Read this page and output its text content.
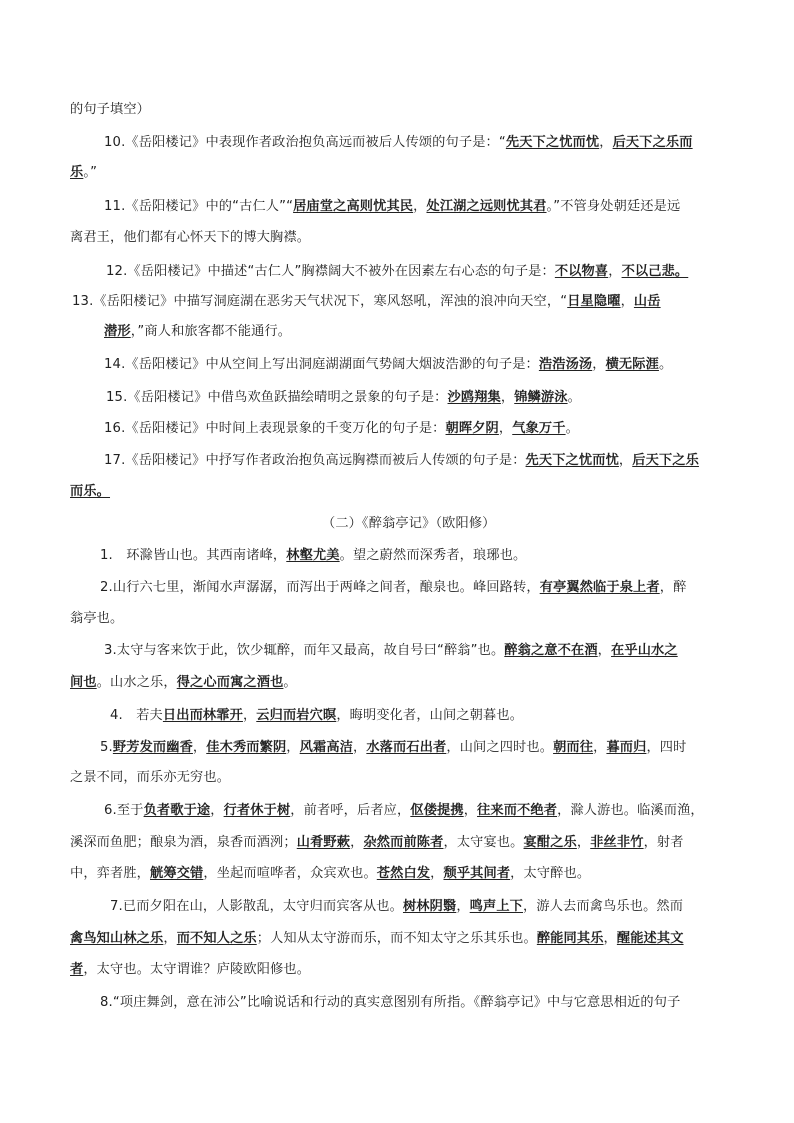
的句子填空）
10.《岳阳楼记》中表现作者政治抱负高远而被后人传颂的句子是：“先天下之忧而忧，后天下之乐而
乐。”
11.《岳阳楼记》中的“古仁人”“居庙堂之高则忧其民，处江湖之远则忧其君。”不管身处朝廷还是远
离君王，他们都有心怀天下的博大胸襟。
12.《岳阳楼记》中描述“古仁人”胸襟阔大不被外在因素左右心态的句子是：不以物喜，不以己悲。
13.《岳阳楼记》中描写洞庭湖在恶劣天气状况下，寒风怒吼，浑浊的浪冲向天空，“日星隐曜，山岳
潜形，”商人和旅客都不能通行。
14.《岳阳楼记》中从空间上写出洞庭湖湖面气势阔大烟波浩渺的句子是：浩浩汤汤，横无际涯。
15.《岳阳楼记》中借鸟欢鱼跃描绘晴明之景象的句子是：沙鸥翔集，锦鳞游泳。
16.《岳阳楼记》中时间上表现景象的千变万化的句子是：朝晖夕阴，气象万千。
17.《岳阳楼记》中抒写作者政治抱负高远胸襟而被后人传颂的句子是：先天下之忧而忧，后天下之乐
而乐。
（二）《醉翁亭记》（欧阳修）
1.　环滁皆山也。其西南诸峰，林壑尤美。望之蔚然而深秀者，琅琊也。
2.山行六七里，渐闻水声潺潺，而泻出于两峰之间者，酿泉也。峰回路转，有亭翼然临于泉上者，醉
翁亭也。
3.太守与客来饮于此，饮少辄醉，而年又最高，故自号曰“醉翁”也。醉翁之意不在酒，在乎山水之
间也。山水之乐，得之心而寓之酒也。
4.　若夫日出而林霏开，云归而岩穴暝，晦明变化者，山间之朝暮也。
5.野芳发而幽香，佳木秀而繁阴，风霜高洁，水落而石出者，山间之四时也。朝而往，暮而归，四时
之景不同，而乐亦无穷也。
6.至于负者歌于途，行者休于树，前者呼，后者应，伛偻提携，往来而不绝者，滁人游也。临溪而渔，
溪深而鱼肥；酿泉为酒，泉香而酒洌；山肴野蔌，杂然而前陈者，太守宴也。宴酣之乐，非丝非竹，射者
中，弈者胜，觥筹交错，坐起而喧哗者，众宾欢也。苍然白发，颓乎其间者，太守醉也。
7.已而夕阳在山，人影散乱，太守归而宾客从也。树林阴翳，鸣声上下，游人去而禽鸟乐也。然而
禽鸟知山林之乐，而不知人之乐；人知从太守游而乐，而不知太守之乐其乐也。醉能同其乐，醒能述其文
者，太守也。太守谓谁？庐陵欧阳修也。
8.“项庄舞剑，意在沛公”比喻说话和行动的真实意图别有所指。《醉翁亭记》中与它意思相近的句子
